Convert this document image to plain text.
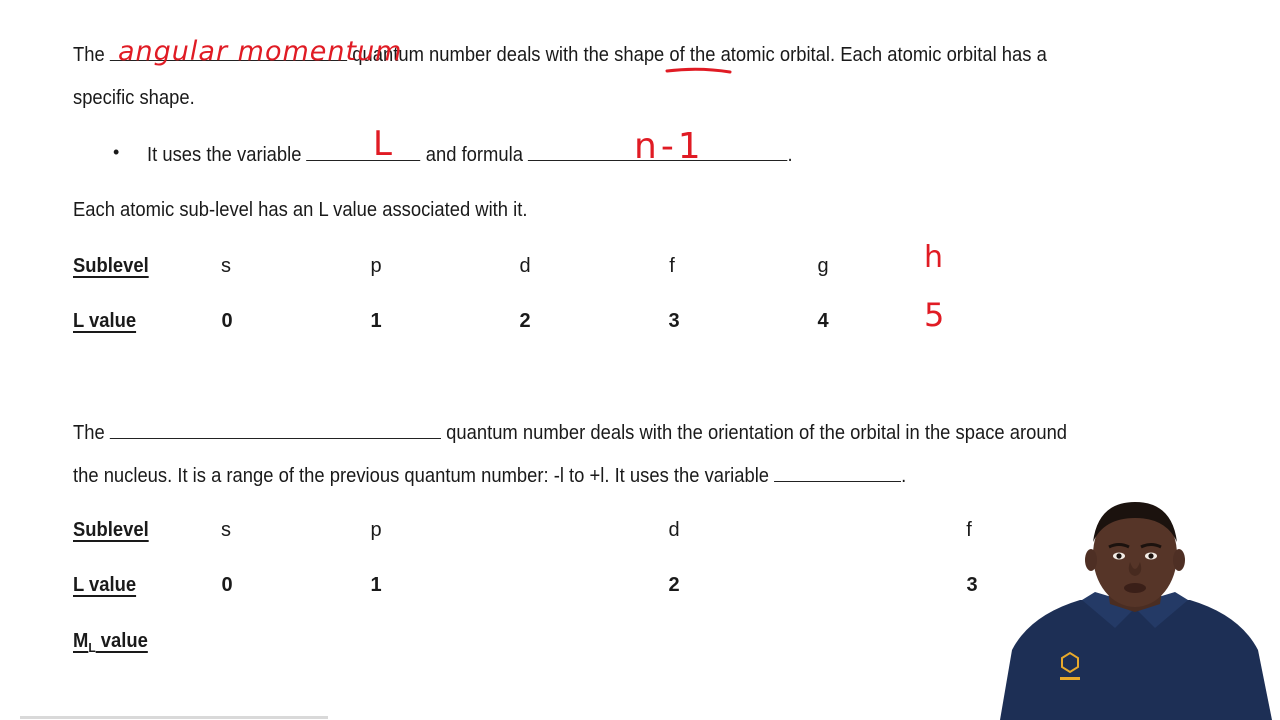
The	quantum number deals with the shape of the atomic orbital. Each atomic orbital has a
angular momentum
specific shape.
• It uses the variable	and formula	.
L	n-1
Each atomic sub-level has an L value associated with it.
Sublevel	s	p	d	f	g	h
L value	0	1	2	3	4	5
The	quantum number deals with the orientation of the orbital in the space around
the nucleus. It is a range of the previous quantum number: -l to +l. It uses the variable	.
Sublevel	s	p	d	f
L value	0	1	2	3
$M_L$ value
